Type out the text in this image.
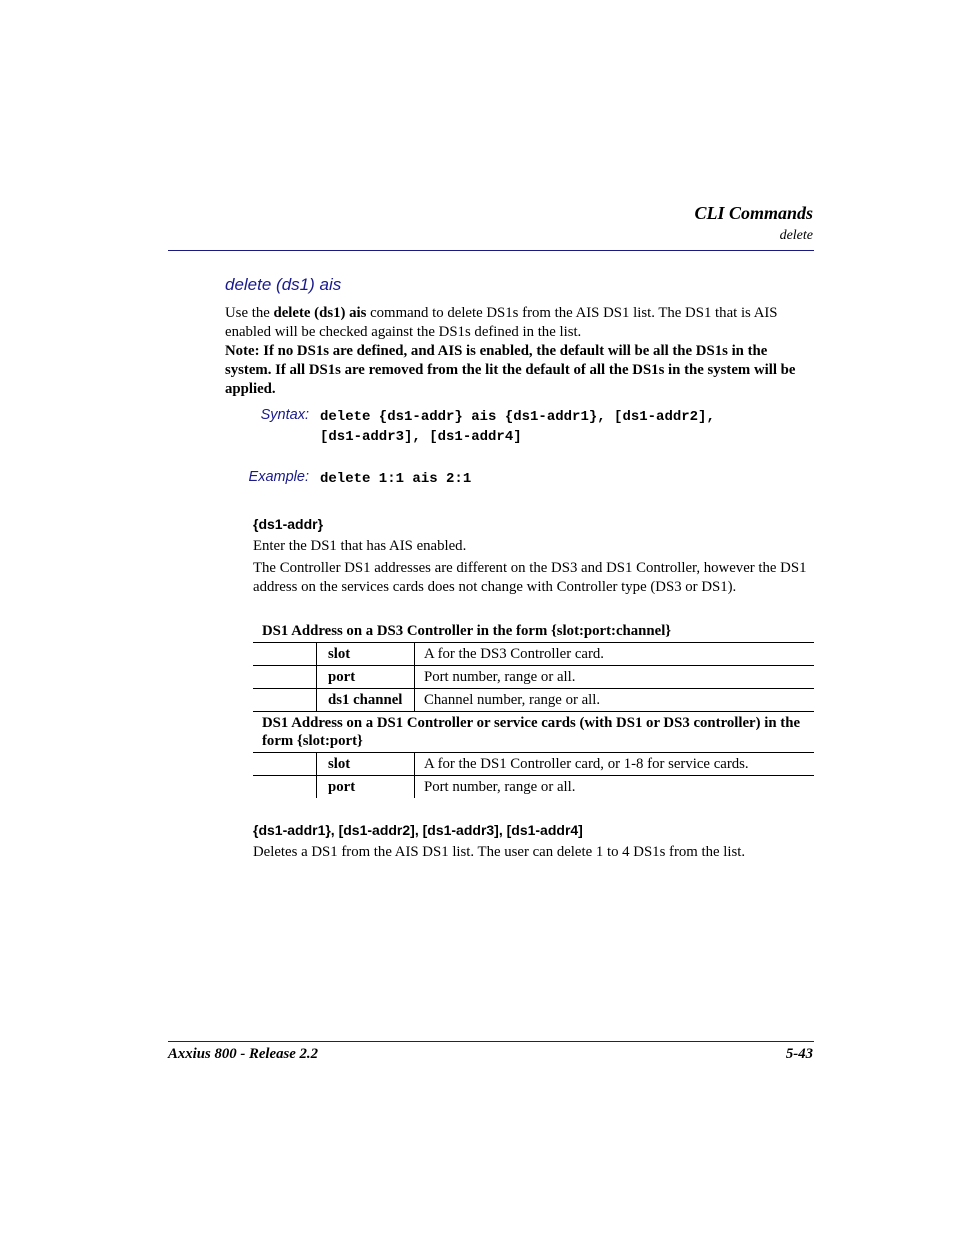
CLI Commands
delete
delete (ds1) ais
Use the delete (ds1) ais command to delete DS1s from the AIS DS1 list. The DS1 that is AIS enabled will be checked against the DS1s defined in the list.
Note: If no DS1s are defined, and AIS is enabled, the default will be all the DS1s in the system. If all DS1s are removed from the lit the default of all the DS1s in the system will be applied.
Syntax: delete {ds1-addr} ais {ds1-addr1}, [ds1-addr2],
[ds1-addr3], [ds1-addr4]
Example: delete 1:1 ais 2:1
{ds1-addr}
Enter the DS1 that has AIS enabled.
The Controller DS1 addresses are different on the DS3 and DS1 Controller, however the DS1 address on the services cards does not change with Controller type (DS3 or DS1).
DS1 Address on a DS3 Controller in the form {slot:port:channel}		
	slot	A for the DS3 Controller card.
	port	Port number, range or all.
	ds1 channel	Channel number, range or all.
DS1 Address on a DS1 Controller or service cards (with DS1 or DS3 controller) in the form {slot:port}		
	slot	A for the DS1 Controller card, or 1-8 for service cards.
	port	Port number, range or all.
{ds1-addr1}, [ds1-addr2], [ds1-addr3], [ds1-addr4]
Deletes a DS1 from the AIS DS1 list. The user can delete 1 to 4 DS1s from the list.
Axxius 800 - Release 2.2	5-43
